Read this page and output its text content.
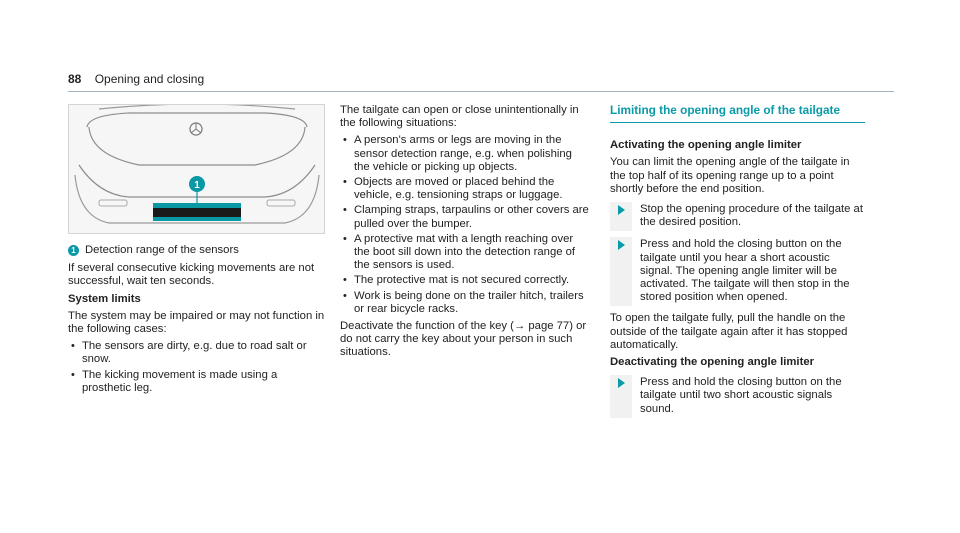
88 Opening and closing
1
1 Detection range of the sensors

If several consecutive kicking movements are not successful, wait ten seconds.

System limits

The system may be impaired or may not function in the following cases:

• The sensors are dirty, e.g. due to road salt or snow.
• The kicking movement is made using a prosthetic leg.

The tailgate can open or close unintentionally in the following situations:

• A person's arms or legs are moving in the sensor detection range, e.g. when polishing the vehicle or picking up objects.
• Objects are moved or placed behind the vehicle, e.g. tensioning straps or luggage.
• Clamping straps, tarpaulins or other covers are pulled over the bumper.
• A protective mat with a length reaching over the boot sill down into the detection range of the sensors is used.
• The protective mat is not secured correctly.
• Work is being done on the trailer hitch, trailers or rear bicycle racks.

Deactivate the function of the key (→ page 77) or do not carry the key about your person in such situations.

Limiting the opening angle of the tailgate

Activating the opening angle limiter

You can limit the opening angle of the tailgate in the top half of its opening range up to a point shortly before the end position.

Stop the opening procedure of the tailgate at the desired position.
Press and hold the closing button on the tailgate until you hear a short acoustic signal. The opening angle limiter will be activated. The tailgate will then stop in the stored position when opened.

To open the tailgate fully, pull the handle on the outside of the tailgate again after it has stopped automatically.

Deactivating the opening angle limiter

Press and hold the closing button on the tailgate until two short acoustic signals sound.
